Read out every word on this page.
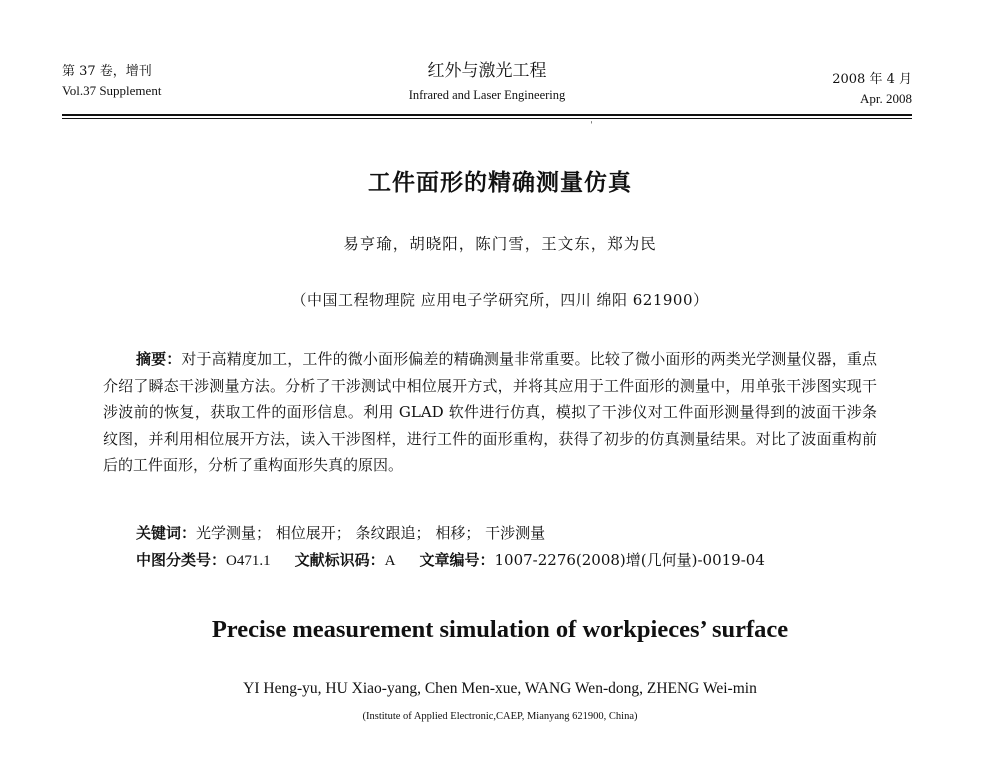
第 37 卷，增刊
Vol.37 Supplement
红外与激光工程
Infrared and Laser Engineering
2008 年 4 月
Apr. 2008
ˈ
工件面形的精确测量仿真
易亨瑜，胡晓阳，陈门雪，王文东，郑为民
（中国工程物理院 应用电子学研究所，四川 绵阳 621900）

摘要：对于高精度加工，工件的微小面形偏差的精确测量非常重要。比较了微小面形的两类光学测量仪器，重点介绍了瞬态干涉测量方法。分析了干涉测试中相位展开方式，并将其应用于工件面形的测量中，用单张干涉图实现干涉波前的恢复，获取工件的面形信息。利用 GLAD 软件进行仿真，模拟了干涉仪对工件面形测量得到的波面干涉条纹图，并利用相位展开方法，读入干涉图样，进行工件的面形重构，获得了初步的仿真测量结果。对比了波面重构前后的工件面形，分析了重构面形失真的原因。

关键词：光学测量； 相位展开； 条纹跟追； 相移； 干涉测量
中图分类号：O471.1 文献标识码：A 文章编号：1007-2276(2008)增(几何量)-0019-04
Precise measurement simulation of workpieces’ surface
YI Heng-yu, HU Xiao-yang, Chen Men-xue, WANG Wen-dong, ZHENG Wei-min
(Institute of Applied Electronic,CAEP, Mianyang 621900, China)
